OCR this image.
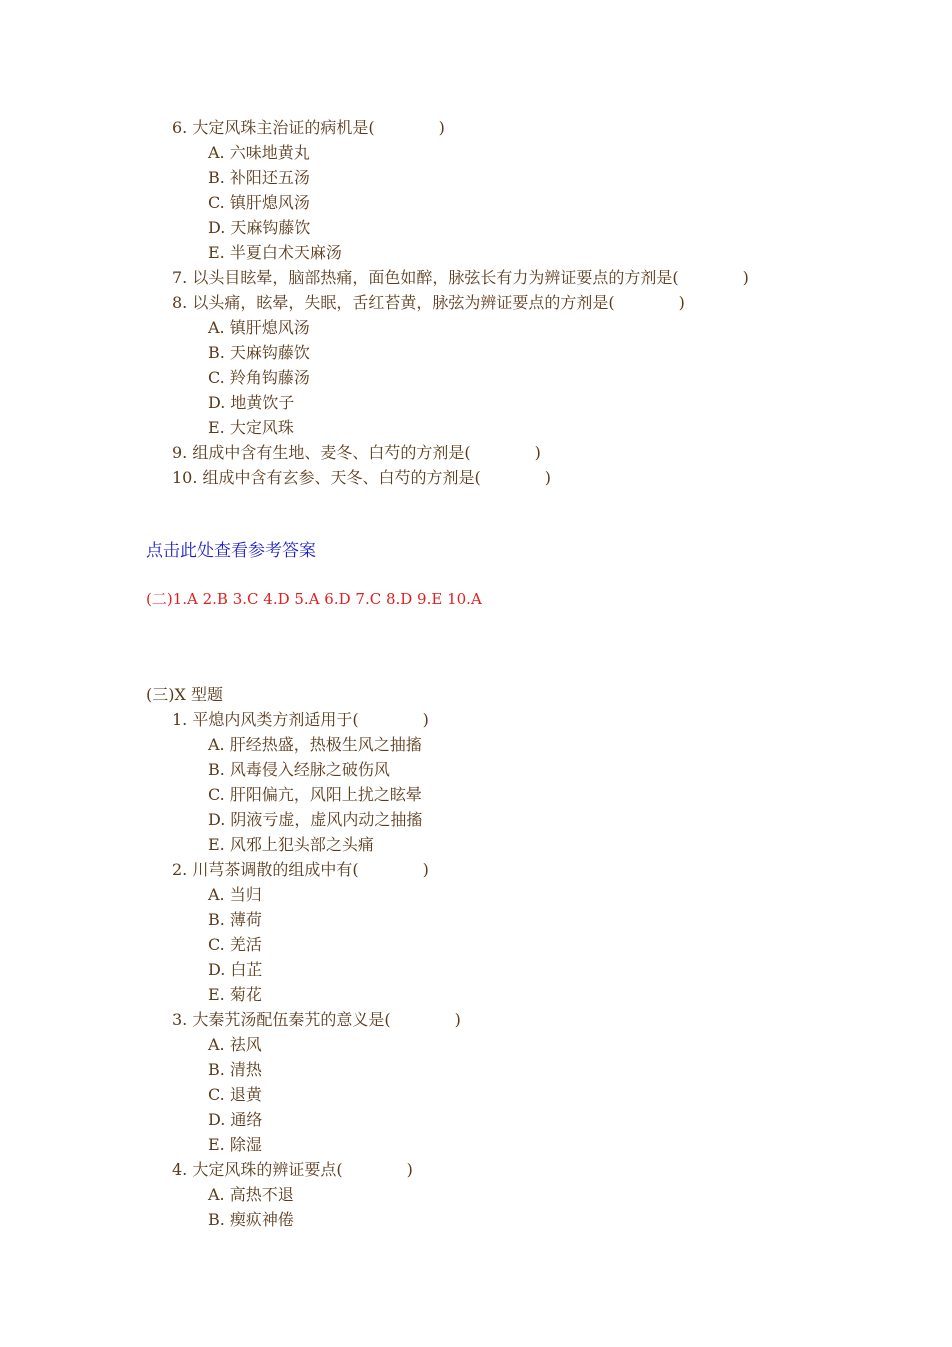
6. 大定风珠主治证的病机是(　　　　)
A. 六味地黄丸
B. 补阳还五汤
C. 镇肝熄风汤
D. 天麻钩藤饮
E. 半夏白术天麻汤
7. 以头目眩晕，脑部热痛，面色如醉，脉弦长有力为辨证要点的方剂是(　　　　)
8. 以头痛，眩晕，失眠，舌红苔黄，脉弦为辨证要点的方剂是(　　　　)
A. 镇肝熄风汤
B. 天麻钩藤饮
C. 羚角钩藤汤
D. 地黄饮子
E. 大定风珠
9. 组成中含有生地、麦冬、白芍的方剂是(　　　　)
10. 组成中含有玄参、天冬、白芍的方剂是(　　　　)
点击此处查看参考答案
(二)1.A 2.B 3.C 4.D 5.A 6.D 7.C 8.D 9.E 10.A
(三)X 型题
1. 平熄内风类方剂适用于(　　　　)
A. 肝经热盛，热极生风之抽搐
B. 风毒侵入经脉之破伤风
C. 肝阳偏亢，风阳上扰之眩晕
D. 阴液亏虚，虚风内动之抽搐
E. 风邪上犯头部之头痛
2. 川芎茶调散的组成中有(　　　　)
A. 当归
B. 薄荷
C. 羌活
D. 白芷
E. 菊花
3. 大秦艽汤配伍秦艽的意义是(　　　　)
A. 祛风
B. 清热
C. 退黄
D. 通络
E. 除湿
4. 大定风珠的辨证要点(　　　　)
A. 高热不退
B. 瘈疭神倦
